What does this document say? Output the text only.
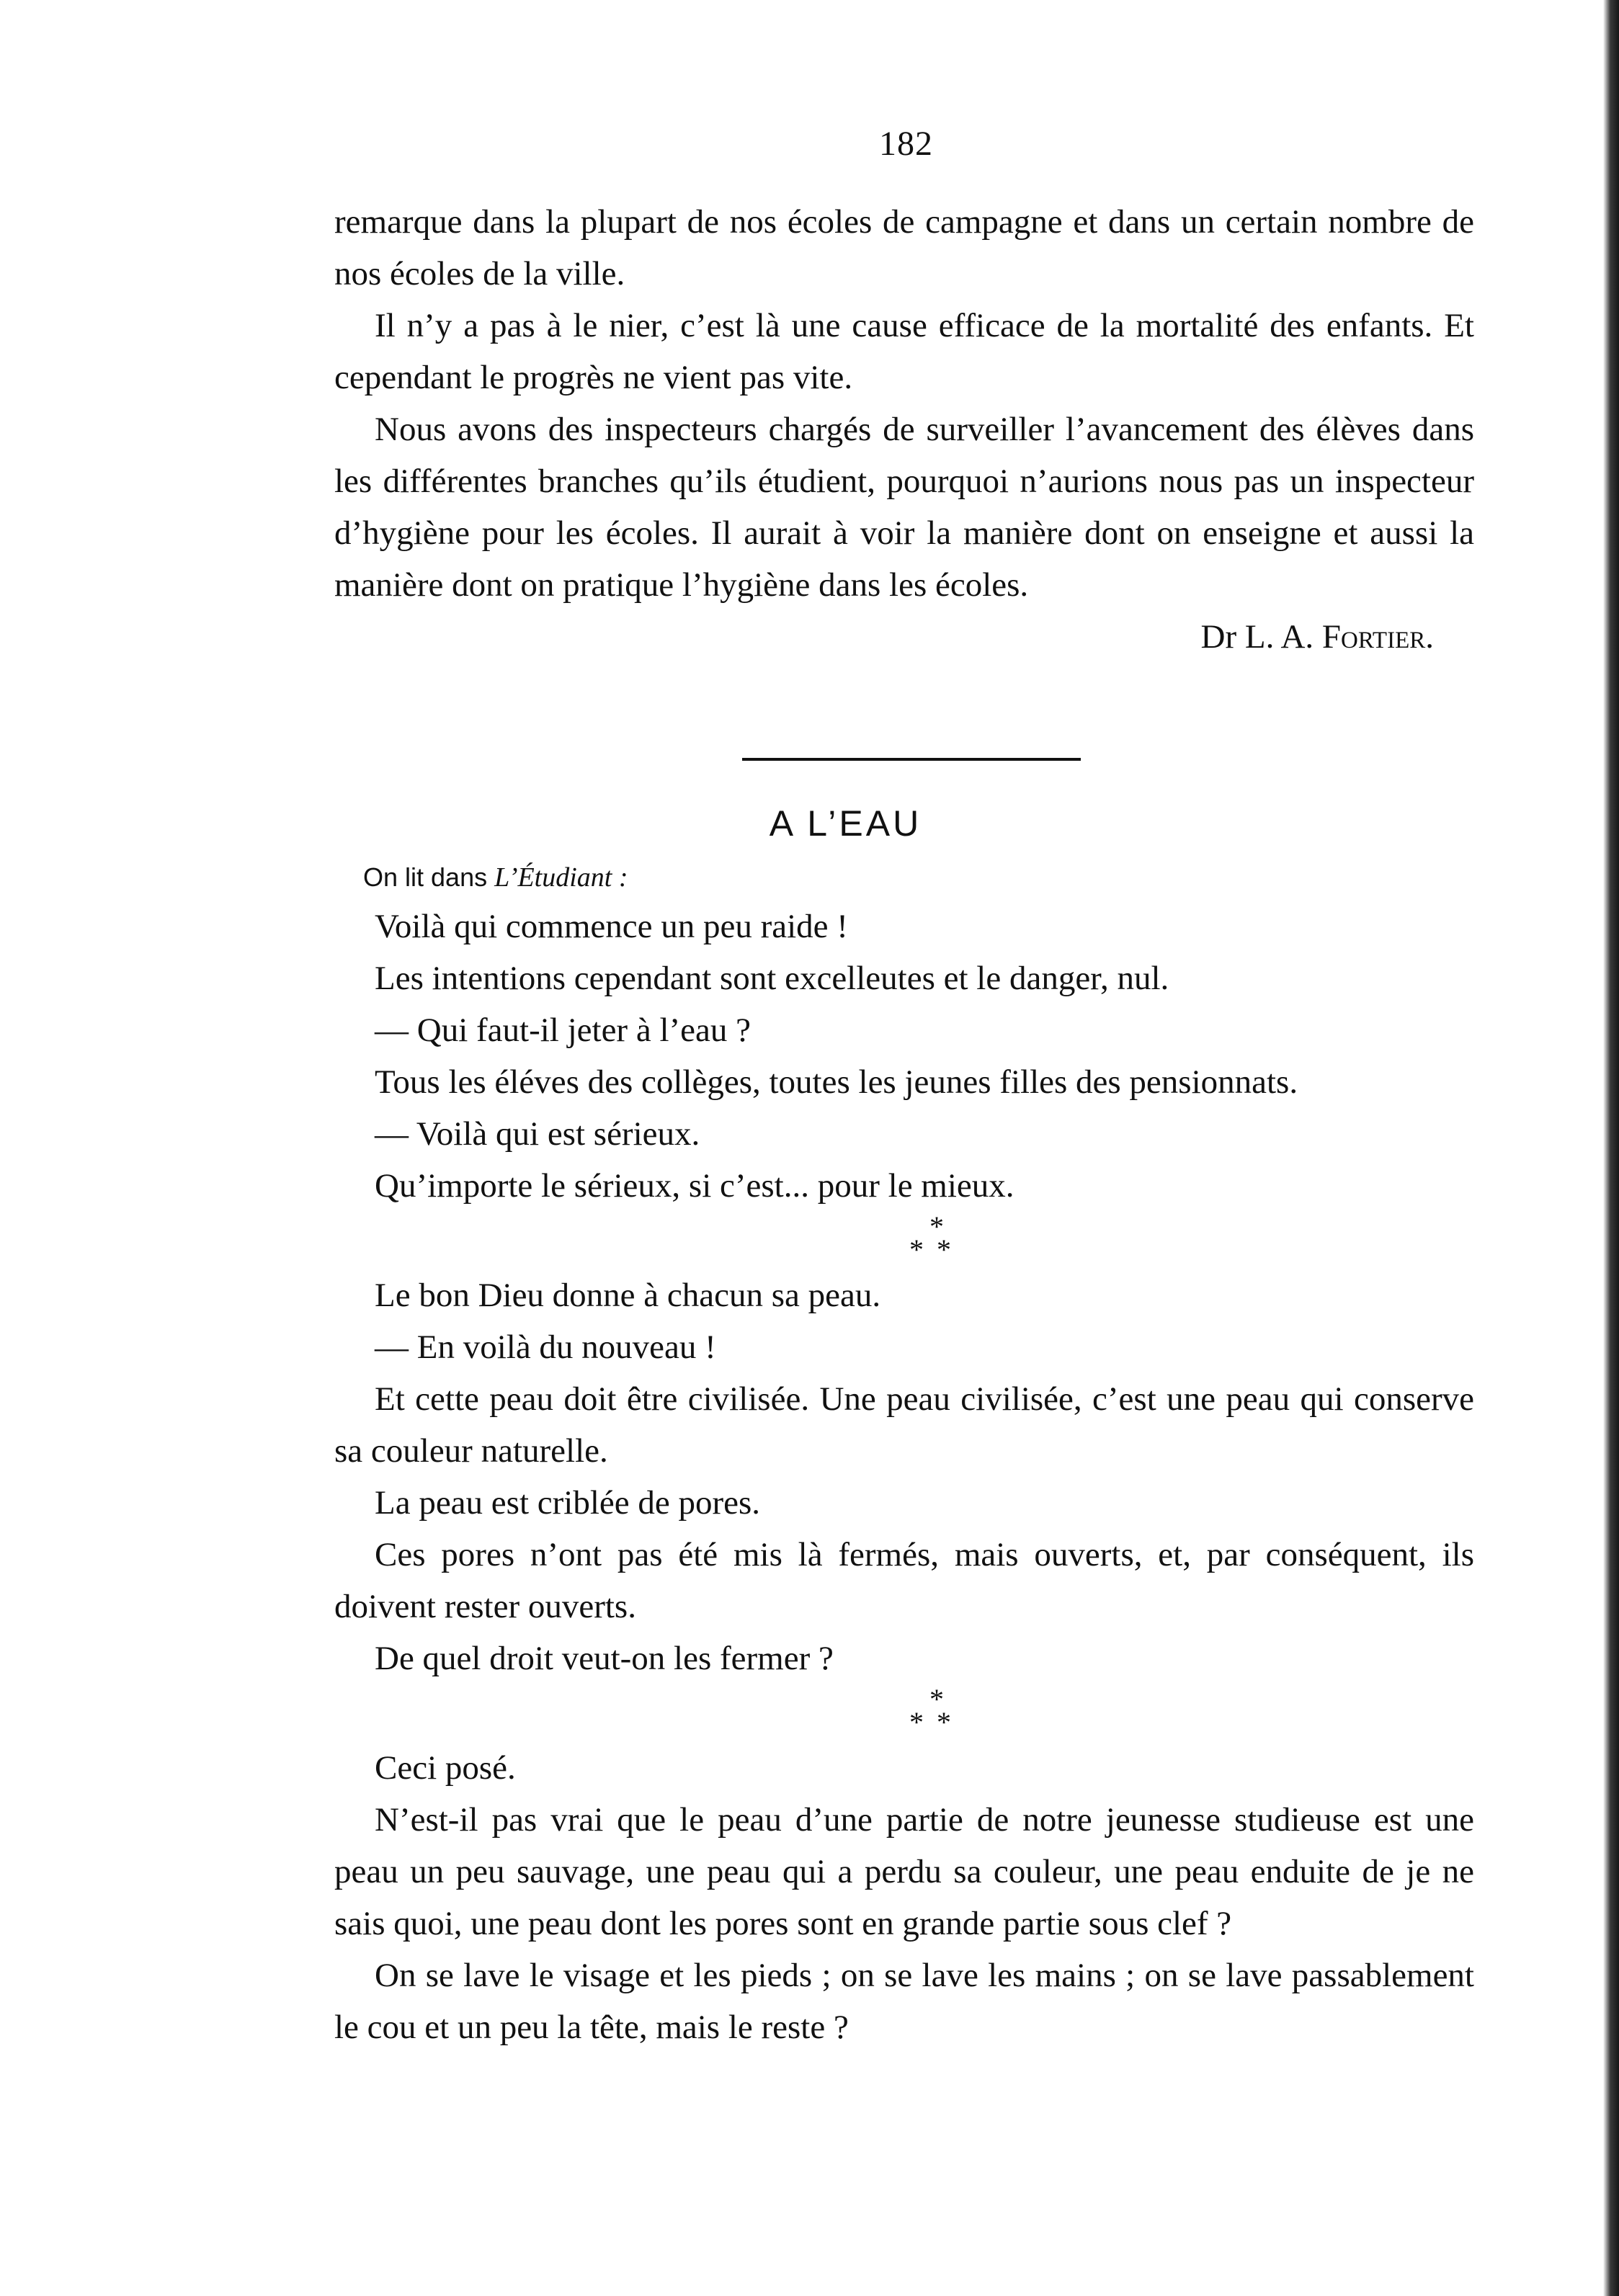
182

remarque dans la plupart de nos écoles de campagne et dans un certain nombre de nos écoles de la ville.

Il n’y a pas à le nier, c’est là une cause efficace de la mortalité des enfants. Et cependant le progrès ne vient pas vite.

Nous avons des inspecteurs chargés de surveiller l’avancement des élèves dans les différentes branches qu’ils étudient, pourquoi n’aurions nous pas un inspecteur d’hygiène pour les écoles. Il aurait à voir la manière dont on enseigne et aussi la manière dont on pratique l’hygiène dans les écoles.

Dr L. A. Fortier.

A L’EAU
On lit dans L’Étudiant :

Voilà qui commence un peu raide !

Les intentions cependant sont excelleutes et le danger, nul.

— Qui faut-il jeter à l’eau ?

Tous les éléves des collèges, toutes les jeunes filles des pensionnats.

— Voilà qui est sérieux.

Qu’importe le sérieux, si c’est... pour le mieux.

*
**

Le bon Dieu donne à chacun sa peau.

— En voilà du nouveau !

Et cette peau doit être civilisée. Une peau civilisée, c’est une peau qui conserve sa couleur naturelle.

La peau est criblée de pores.

Ces pores n’ont pas été mis là fermés, mais ouverts, et, par conséquent, ils doivent rester ouverts.

De quel droit veut-on les fermer ?

*
**

Ceci posé.

N’est-il pas vrai que le peau d’une partie de notre jeunesse studieuse est une peau un peu sauvage, une peau qui a perdu sa couleur, une peau enduite de je ne sais quoi, une peau dont les pores sont en grande partie sous clef ?

On se lave le visage et les pieds ; on se lave les mains ; on se lave passablement le cou et un peu la tête, mais le reste ?
